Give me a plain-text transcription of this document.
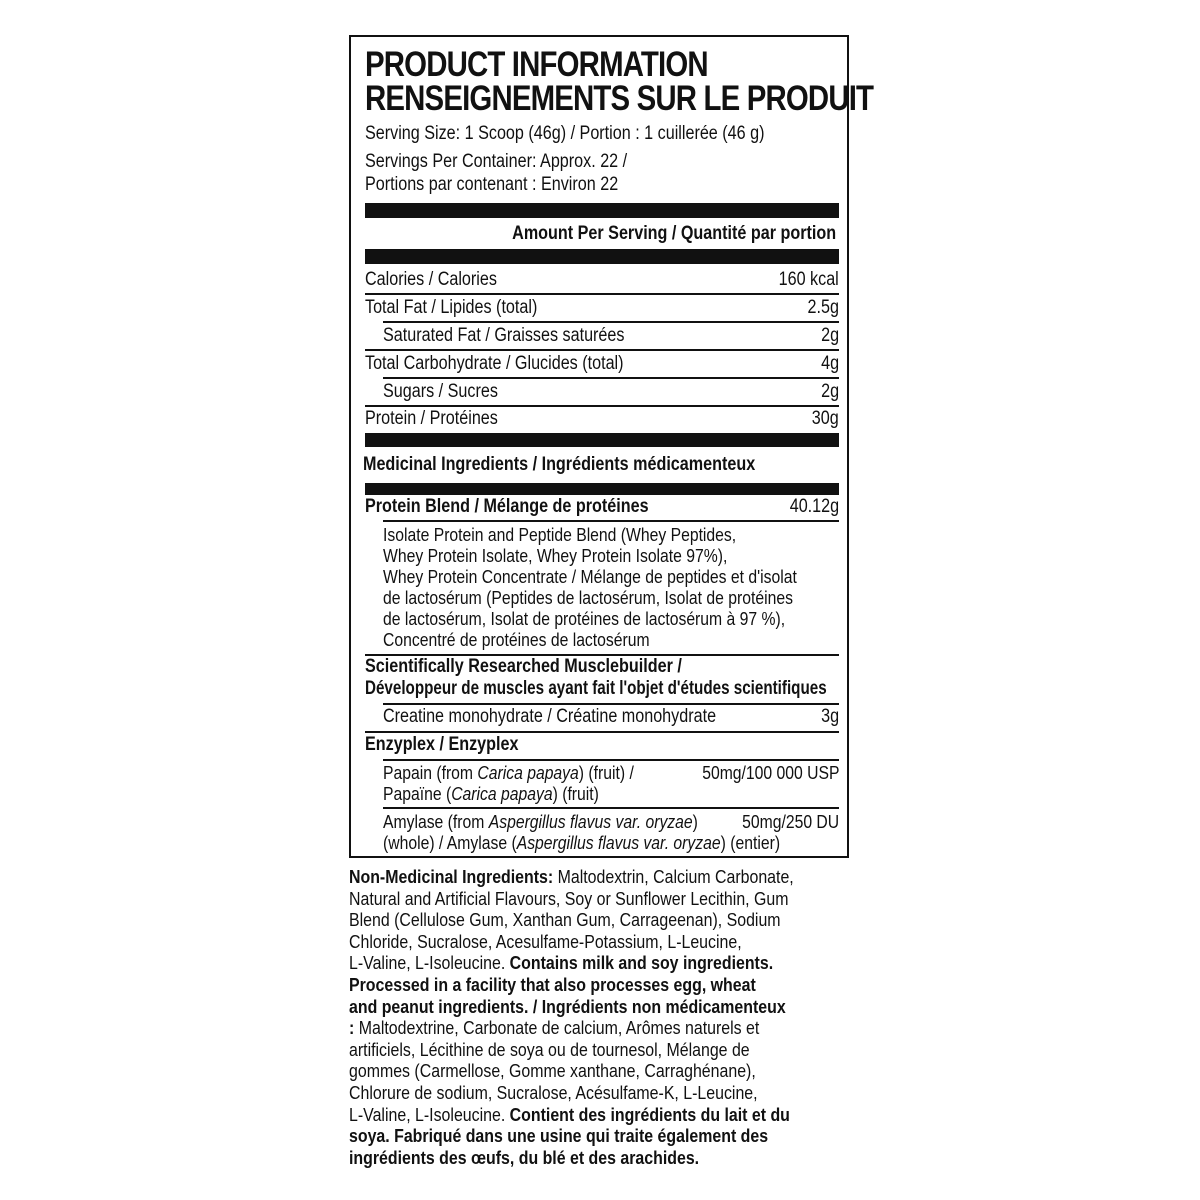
PRODUCT INFORMATION
RENSEIGNEMENTS SUR LE PRODUIT
Serving Size: 1 Scoop (46g) / Portion : 1 cuillerée (46 g)
Servings Per Container: Approx. 22 /
Portions par contenant : Environ 22
Amount Per Serving / Quantité par portion
Calories / Calories	160 kcal
Total Fat / Lipides (total)	2.5g
Saturated Fat / Graisses saturées	2g
Total Carbohydrate / Glucides (total)	4g
Sugars / Sucres	2g
Protein / Protéines	30g
Medicinal Ingredients / Ingrédients médicamenteux
Protein Blend / Mélange de protéines	40.12g
Isolate Protein and Peptide Blend (Whey Peptides,
Whey Protein Isolate, Whey Protein Isolate 97%),
Whey Protein Concentrate / Mélange de peptides et d'isolat
de lactosérum (Peptides de lactosérum, Isolat de protéines
de lactosérum, Isolat de protéines de lactosérum à 97 %),
Concentré de protéines de lactosérum
Scientifically Researched Musclebuilder /
Développeur de muscles ayant fait l'objet d'études scientifiques
Creatine monohydrate / Créatine monohydrate	3g
Enzyplex / Enzyplex
Papain (from Carica papaya) (fruit) /
Papaïne (Carica papaya) (fruit)
50mg/100 000 USP
Amylase (from Aspergillus flavus var. oryzae)
(whole) / Amylase (Aspergillus flavus var. oryzae) (entier)
50mg/250 DU
Non-Medicinal Ingredients: Maltodextrin, Calcium Carbonate,
Natural and Artificial Flavours, Soy or Sunflower Lecithin, Gum
Blend (Cellulose Gum, Xanthan Gum, Carrageenan), Sodium
Chloride, Sucralose, Acesulfame-Potassium, L-Leucine,
L-Valine, L-Isoleucine. Contains milk and soy ingredients.
Processed in a facility that also processes egg, wheat
and peanut ingredients. / Ingrédients non médicamenteux
: Maltodextrine, Carbonate de calcium, Arômes naturels et
artificiels, Lécithine de soya ou de tournesol, Mélange de
gommes (Carmellose, Gomme xanthane, Carraghénane),
Chlorure de sodium, Sucralose, Acésulfame-K, L-Leucine,
L-Valine, L-Isoleucine. Contient des ingrédients du lait et du
soya. Fabriqué dans une usine qui traite également des
ingrédients des œufs, du blé et des arachides.
